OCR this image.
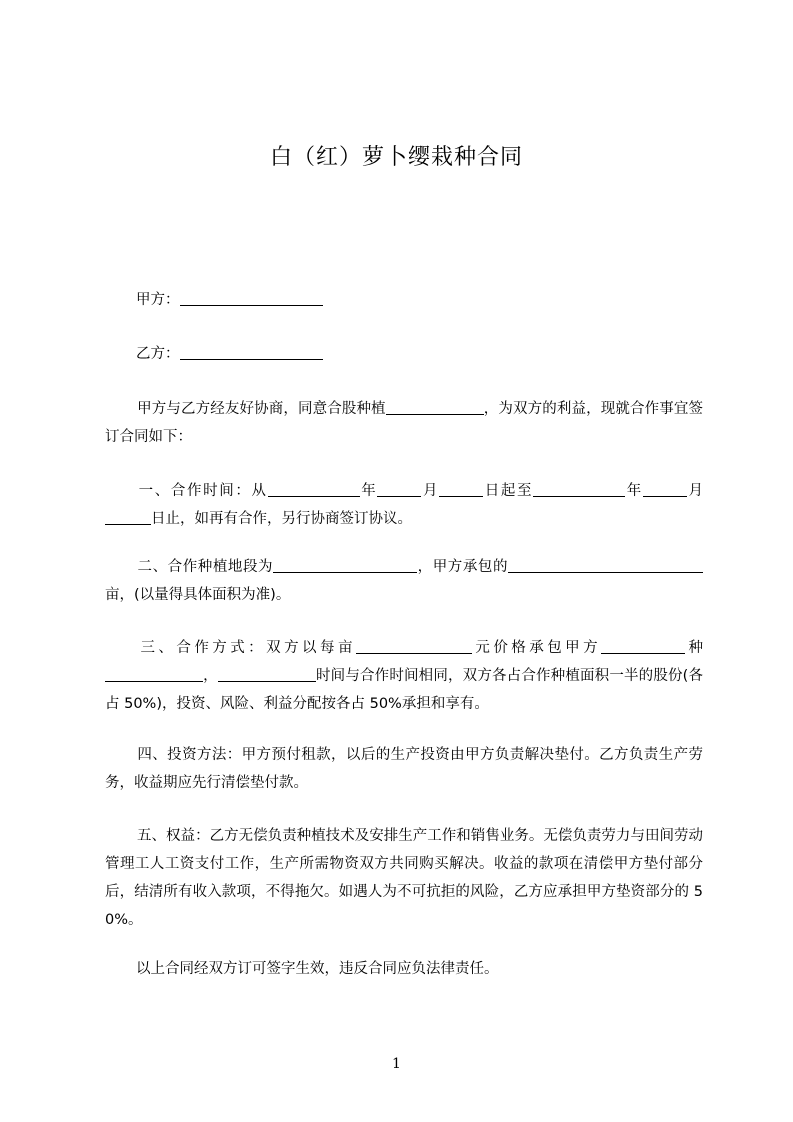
白（红）萝卜缨栽种合同
甲方：
乙方：
甲方与乙方经友好协商，同意合股种植	，为双方的利益，现就合作事宜签订合同如下：
一、合作时间：从	年	月	日起至	年	月日止，如再有合作，另行协商签订协议。
二、合作种植地段为	，甲方承包的亩，(以量得具体面积为准)。
三、合作方式：双方以每亩	元价格承包甲方	种，	时间与合作时间相同，双方各占合作种植面积一半的股份(各占 50%)，投资、风险、利益分配按各占 50%承担和享有。
四、投资方法：甲方预付租款，以后的生产投资由甲方负责解决垫付。乙方负责生产劳务，收益期应先行清偿垫付款。
五、权益：乙方无偿负责种植技术及安排生产工作和销售业务。无偿负责劳力与田间劳动管理工人工资支付工作，生产所需物资双方共同购买解决。收益的款项在清偿甲方垫付部分后，结清所有收入款项，不得拖欠。如遇人为不可抗拒的风险，乙方应承担甲方垫资部分的 50%。
以上合同经双方订可签字生效，违反合同应负法律责任。
1
